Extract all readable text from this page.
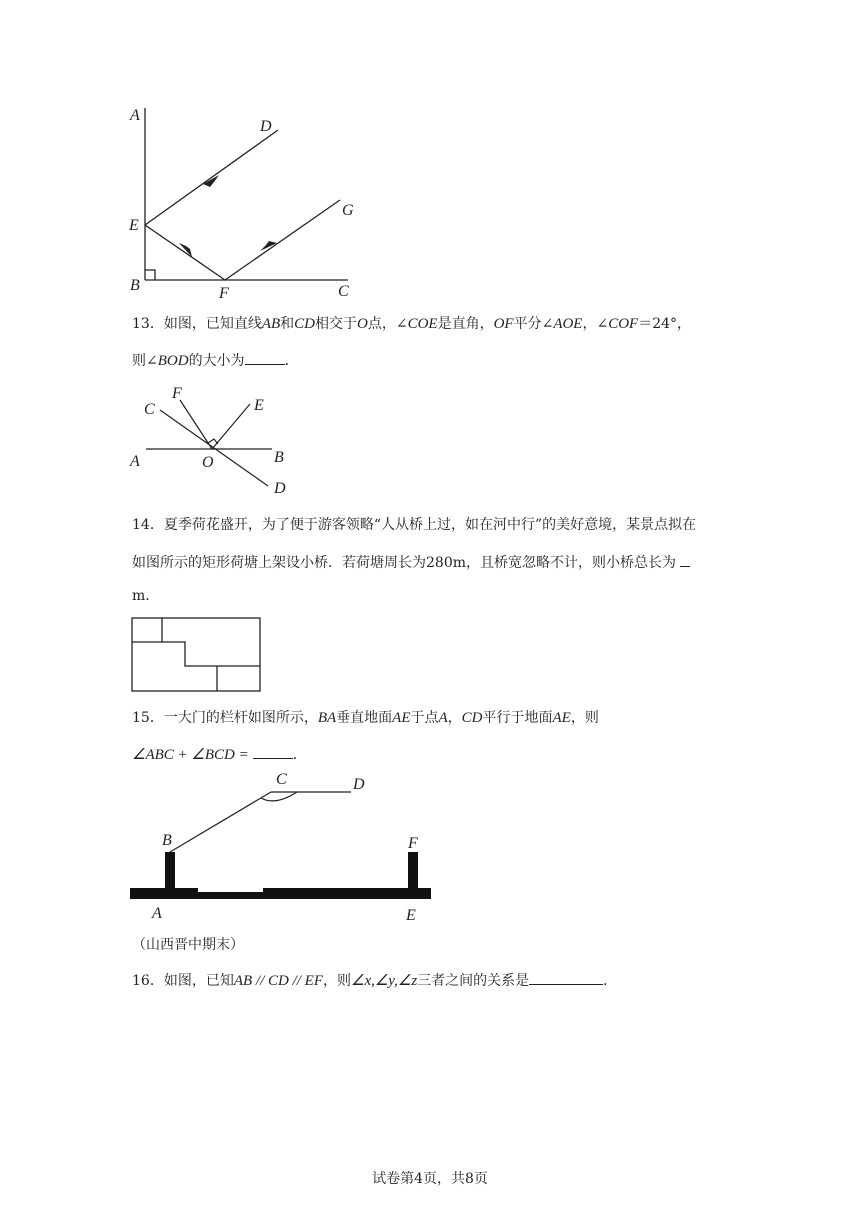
A
D
G
E
B	F	C
13．如图，已知直线AB和CD相交于O点，∠COE是直角，OF平分∠AOE，∠COF＝24°，
则∠BOD的大小为	．
F
C	E
A	O	B
D
14．夏季荷花盛开，为了便于游客领略“人从桥上过，如在河中行”的美好意境，某景点拟在
如图所示的矩形荷塘上架设小桥．若荷塘周长为280m，且桥宽忽略不计，则小桥总长为
m．
15．一大门的栏杆如图所示，BA垂直地面AE于点A，CD平行于地面AE，则
∠ABC + ∠BCD =	．
C	D
B	F
A	E
（山西晋中期末）
16．如图，已知AB // CD // EF，则∠x,∠y,∠z三者之间的关系是	．
试卷第4页，共8页
